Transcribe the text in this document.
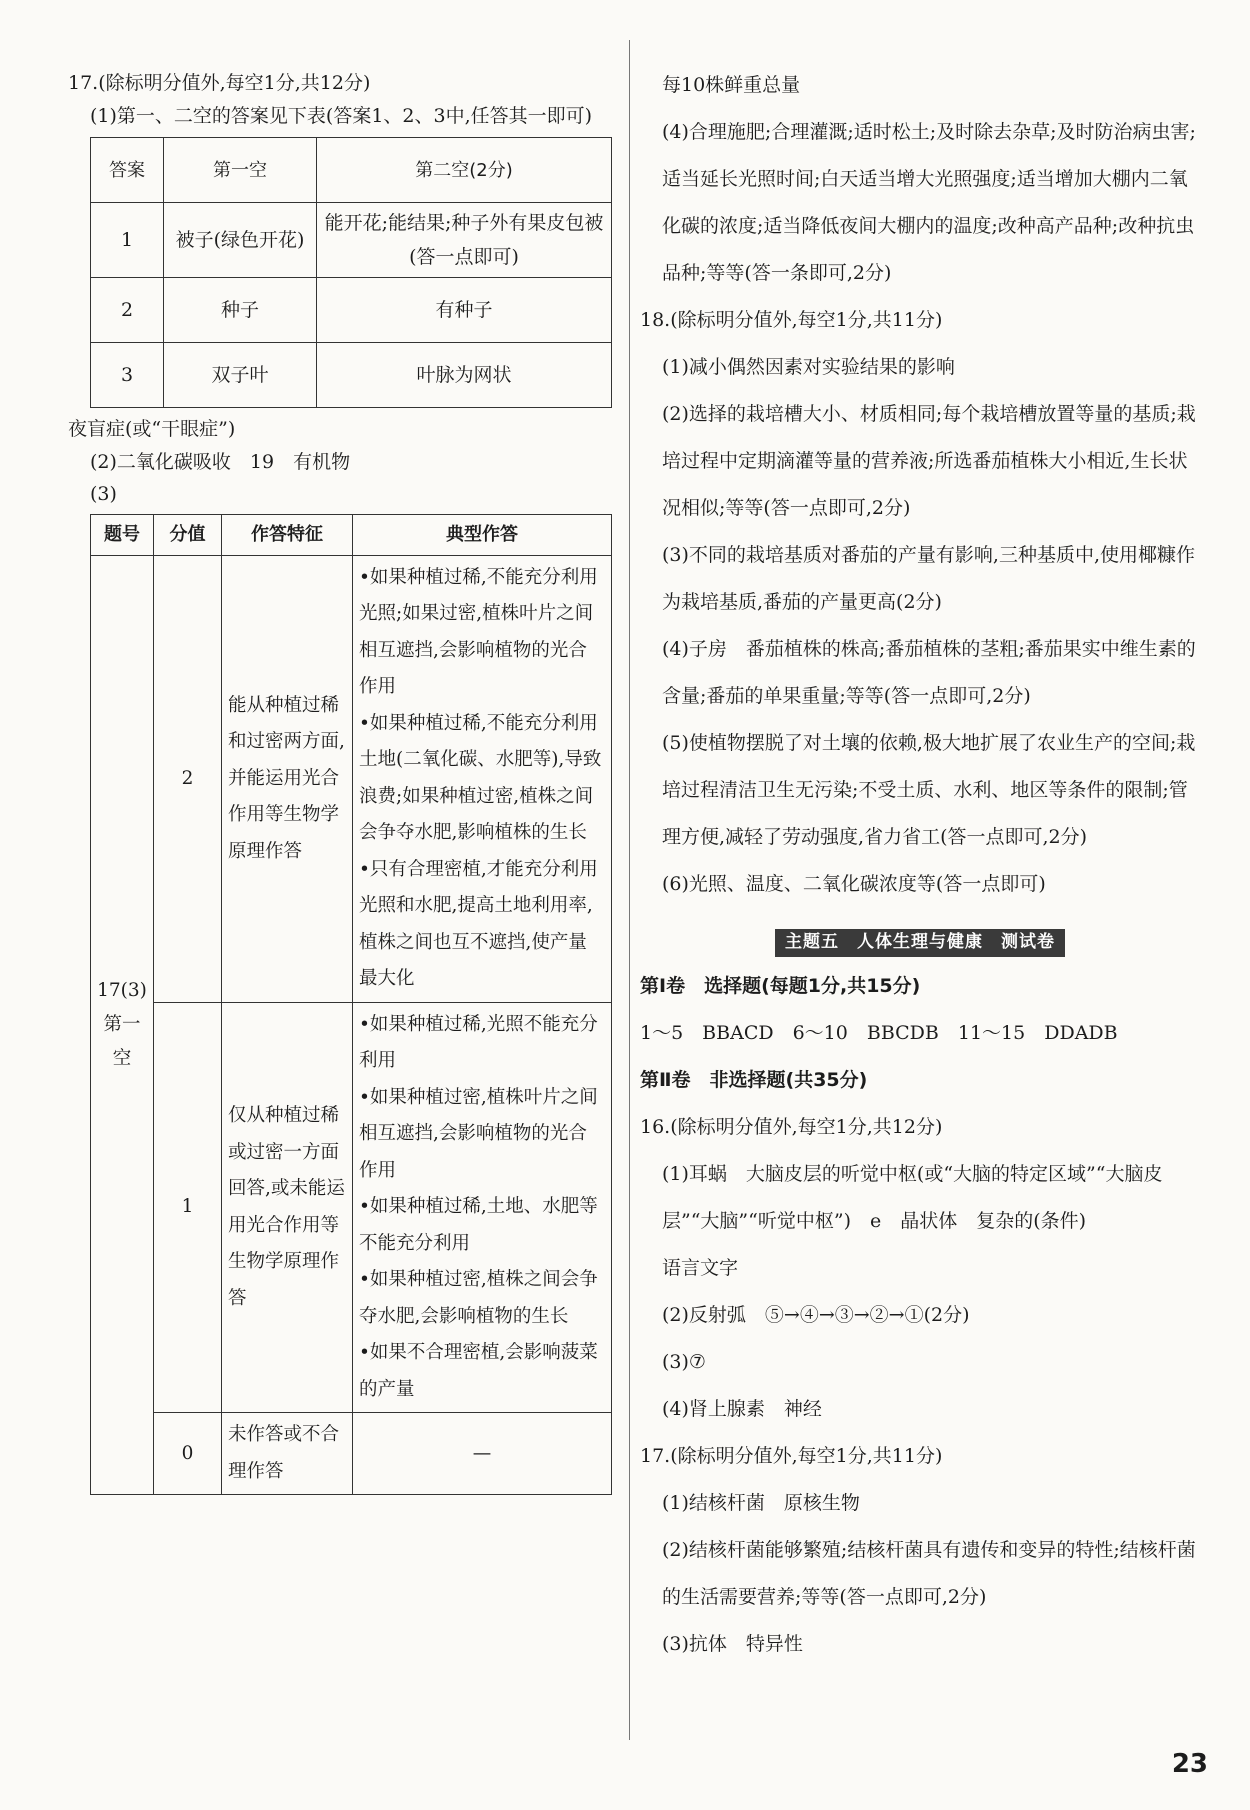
17.(除标明分值外,每空1分,共12分)
(1)第一、二空的答案见下表(答案1、2、3中,任答其一即可)
答案	第一空	第二空(2分)
1	被子(绿色开花)	能开花;能结果;种子外有果皮包被(答一点即可)
2	种子	有种子
3	双子叶	叶脉为网状
夜盲症(或“干眼症”)
(2)二氧化碳吸收　19　有机物
(3)
题号	分值	作答特征	典型作答
17(3)第一空	2	能从种植过稀和过密两方面,并能运用光合作用等生物学原理作答	•如果种植过稀,不能充分利用光照;如果过密,植株叶片之间相互遮挡,会影响植物的光合作用
•如果种植过稀,不能充分利用土地(二氧化碳、水肥等),导致浪费;如果种植过密,植株之间会争夺水肥,影响植株的生长
•只有合理密植,才能充分利用光照和水肥,提高土地利用率,植株之间也互不遮挡,使产量最大化

	1	仅从种植过稀或过密一方面回答,或未能运用光合作用等生物学原理作答	•如果种植过稀,光照不能充分利用
•如果种植过密,植株叶片之间相互遮挡,会影响植物的光合作用
•如果种植过稀,土地、水肥等不能充分利用
•如果种植过密,植株之间会争夺水肥,会影响植物的生长
•如果不合理密植,会影响菠菜的产量

	0	未作答或不合理作答	—
每10株鲜重总量
(4)合理施肥;合理灌溉;适时松土;及时除去杂草;及时防治病虫害;适当延长光照时间;白天适当增大光照强度;适当增加大棚内二氧化碳的浓度;适当降低夜间大棚内的温度;改种高产品种;改种抗虫品种;等等(答一条即可,2分)
18.(除标明分值外,每空1分,共11分)
(1)减小偶然因素对实验结果的影响
(2)选择的栽培槽大小、材质相同;每个栽培槽放置等量的基质;栽培过程中定期滴灌等量的营养液;所选番茄植株大小相近,生长状况相似;等等(答一点即可,2分)
(3)不同的栽培基质对番茄的产量有影响,三种基质中,使用椰糠作为栽培基质,番茄的产量更高(2分)
(4)子房　番茄植株的株高;番茄植株的茎粗;番茄果实中维生素的含量;番茄的单果重量;等等(答一点即可,2分)
(5)使植物摆脱了对土壤的依赖,极大地扩展了农业生产的空间;栽培过程清洁卫生无污染;不受土质、水利、地区等条件的限制;管理方便,减轻了劳动强度,省力省工(答一点即可,2分)
(6)光照、温度、二氧化碳浓度等(答一点即可)
主题五　人体生理与健康　测试卷
第Ⅰ卷　选择题(每题1分,共15分)
1～5　BBACD　6～10　BBCDB　11～15　DDADB
第Ⅱ卷　非选择题(共35分)
16.(除标明分值外,每空1分,共12分)
(1)耳蜗　大脑皮层的听觉中枢(或“大脑的特定区域”“大脑皮层”“大脑”“听觉中枢”)　e　晶状体　复杂的(条件)
语言文字
(2)反射弧　⑤→④→③→②→①(2分)
(3)⑦
(4)肾上腺素　神经
17.(除标明分值外,每空1分,共11分)
(1)结核杆菌　原核生物
(2)结核杆菌能够繁殖;结核杆菌具有遗传和变异的特性;结核杆菌的生活需要营养;等等(答一点即可,2分)
(3)抗体　特异性
23
